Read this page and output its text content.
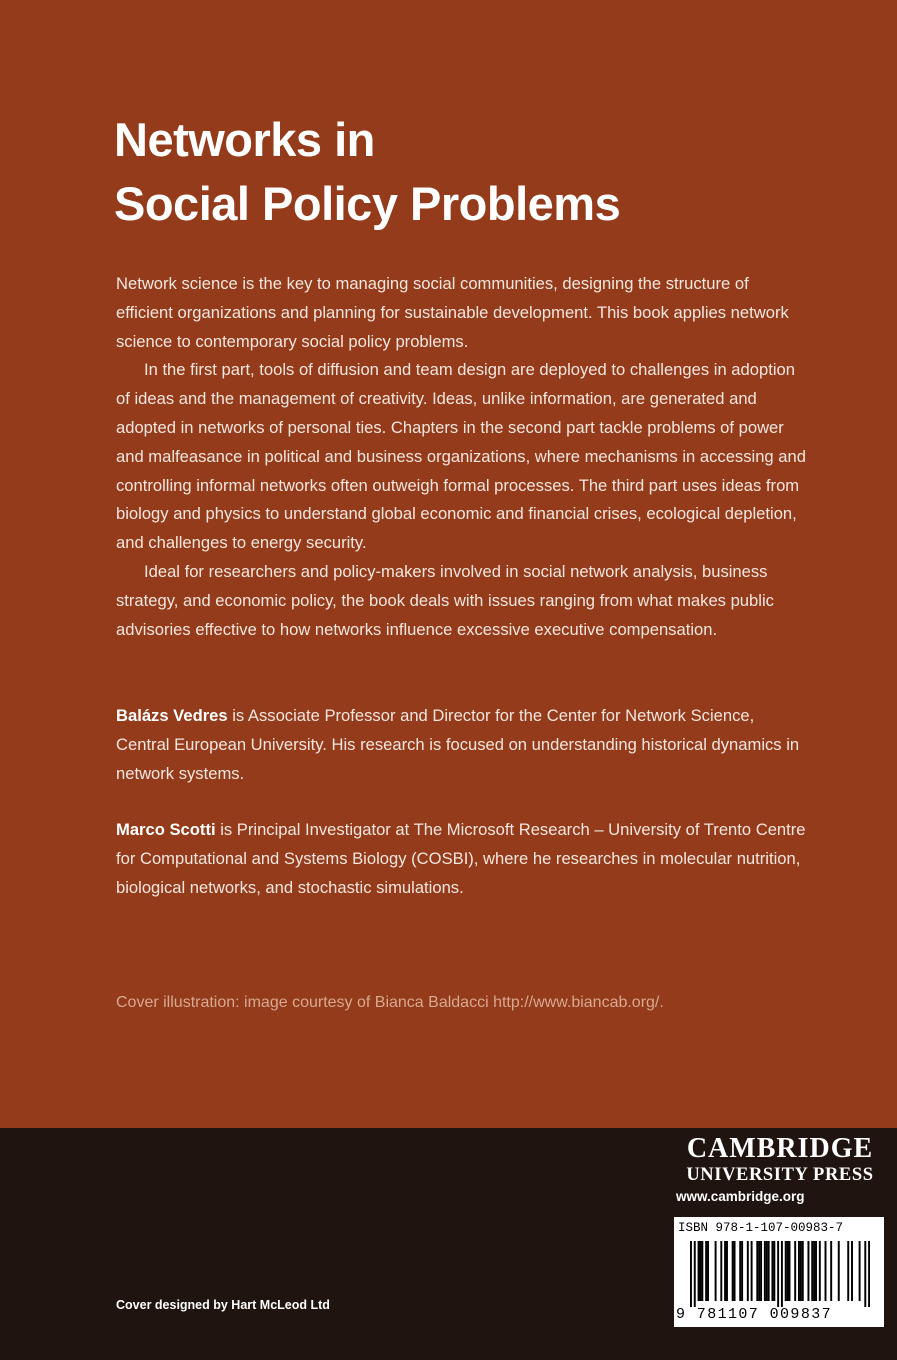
Networks in
Social Policy Problems

Network science is the key to managing social communities, designing the structure of efficient organizations and planning for sustainable development. This book applies network science to contemporary social policy problems.

In the first part, tools of diffusion and team design are deployed to challenges in adoption of ideas and the management of creativity. Ideas, unlike information, are generated and adopted in networks of personal ties. Chapters in the second part tackle problems of power and malfeasance in political and business organizations, where mechanisms in accessing and controlling informal networks often outweigh formal processes. The third part uses ideas from biology and physics to understand global economic and financial crises, ecological depletion, and challenges to energy security.

Ideal for researchers and policy-makers involved in social network analysis, business strategy, and economic policy, the book deals with issues ranging from what makes public advisories effective to how networks influence excessive executive compensation.

Balázs Vedres is Associate Professor and Director for the Center for Network Science, Central European University. His research is focused on understanding historical dynamics in network systems.

Marco Scotti is Principal Investigator at The Microsoft Research – University of Trento Centre for Computational and Systems Biology (COSBI), where he researches in molecular nutrition, biological networks, and stochastic simulations.

Cover illustration: image courtesy of Bianca Baldacci http://www.biancab.org/.
Cover designed by Hart McLeod Ltd
CAMBRIDGE
UNIVERSITY PRESS
www.cambridge.org
ISBN 978-1-107-00983-7
9 781107 009837
